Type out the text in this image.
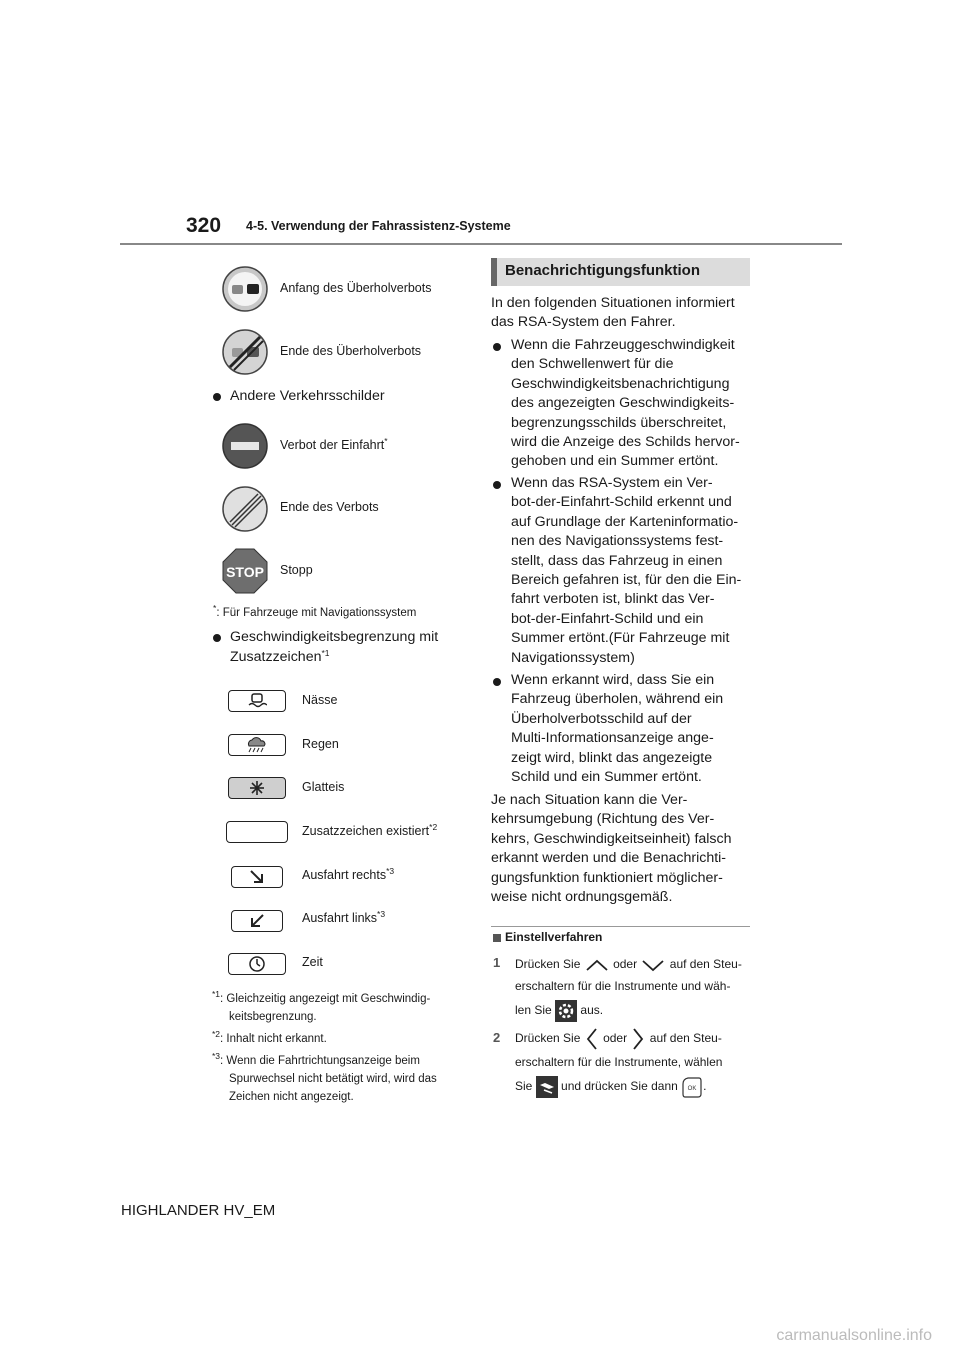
320 4-5. Verwendung der Fahrassistenz-Systeme
Anfang des Überholverbots
Ende des Überholverbots
Andere Verkehrsschilder
Verbot der Einfahrt*
Ende des Verbots
STOP Stopp
*: Für Fahrzeuge mit Navigationssystem
Geschwindigkeitsbegrenzung mit
Zusatzzeichen$^{*1}$
Nässe
Regen
Glatteis
Zusatzzeichen existiert$^{*2}$
Ausfahrt rechts$^{*3}$
Ausfahrt links$^{*3}$
Zeit
$^{*1}$: Gleichzeitig angezeigt mit Geschwindig-
keitsbegrenzung.
$^{*2}$: Inhalt nicht erkannt.
$^{*3}$: Wenn die Fahrtrichtungsanzeige beim
Spurwechsel nicht betätigt wird, wird das
Zeichen nicht angezeigt.
Benachrichtigungsfunktion
In den folgenden Situationen informiert
das RSA-System den Fahrer.
Wenn die Fahrzeuggeschwindigkeit
den Schwellenwert für die
Geschwindigkeitsbenachrichtigung
des angezeigten Geschwindigkeits-
begrenzungsschilds überschreitet,
wird die Anzeige des Schilds hervor-
gehoben und ein Summer ertönt.
Wenn das RSA-System ein Ver-
bot-der-Einfahrt-Schild erkennt und
auf Grundlage der Karteninformatio-
nen des Navigationssystems fest-
stellt, dass das Fahrzeug in einen
Bereich gefahren ist, für den die Ein-
fahrt verboten ist, blinkt das Ver-
bot-der-Einfahrt-Schild und ein
Summer ertönt.(Für Fahrzeuge mit
Navigationssystem)
Wenn erkannt wird, dass Sie ein
Fahrzeug überholen, während ein
Überholverbotsschild auf der
Multi-Informationsanzeige ange-
zeigt wird, blinkt das angezeigte
Schild und ein Summer ertönt.
Je nach Situation kann die Ver-
kehrsumgebung (Richtung des Ver-
kehrs, Geschwindigkeitseinheit) falsch
erkannt werden und die Benachrichti-
gungsfunktion funktioniert möglicher-
weise nicht ordnungsgemäß.
Einstellverfahren
1 Drücken Sie	oder	auf den Steu-
erschaltern für die Instrumente und wäh-
len Sie aus.
2 Drücken Sie oder auf den Steu-
erschaltern für die Instrumente, wählen
Sie und drücken Sie dann OK .
HIGHLANDER HV_EM
carmanualsonline.info
